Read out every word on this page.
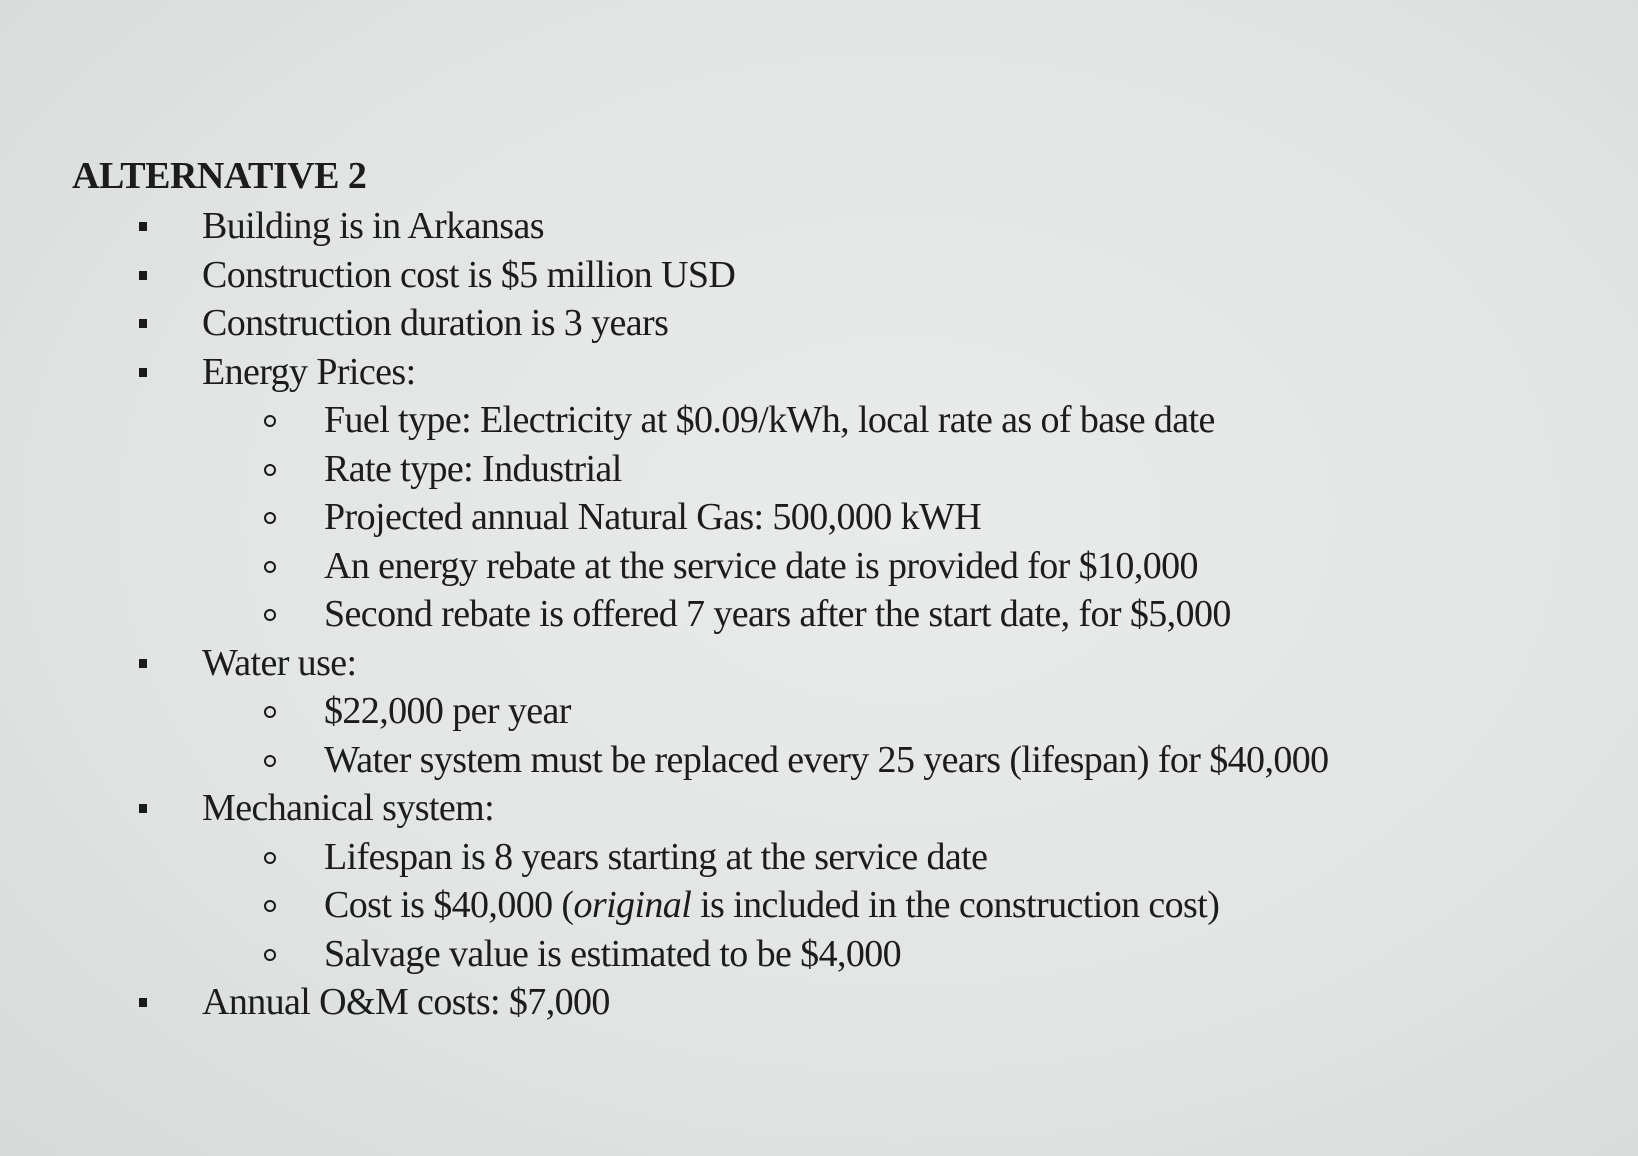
ALTERNATIVE 2
Building is in Arkansas
Construction cost is $5 million USD
Construction duration is 3 years
Energy Prices:
Fuel type: Electricity at $0.09/kWh, local rate as of base date
Rate type: Industrial
Projected annual Natural Gas: 500,000 kWH
An energy rebate at the service date is provided for $10,000
Second rebate is offered 7 years after the start date, for $5,000
Water use:
$22,000 per year
Water system must be replaced every 25 years (lifespan) for $40,000
Mechanical system:
Lifespan is 8 years starting at the service date
Cost is $40,000 (original is included in the construction cost)
Salvage value is estimated to be $4,000
Annual O&M costs: $7,000
